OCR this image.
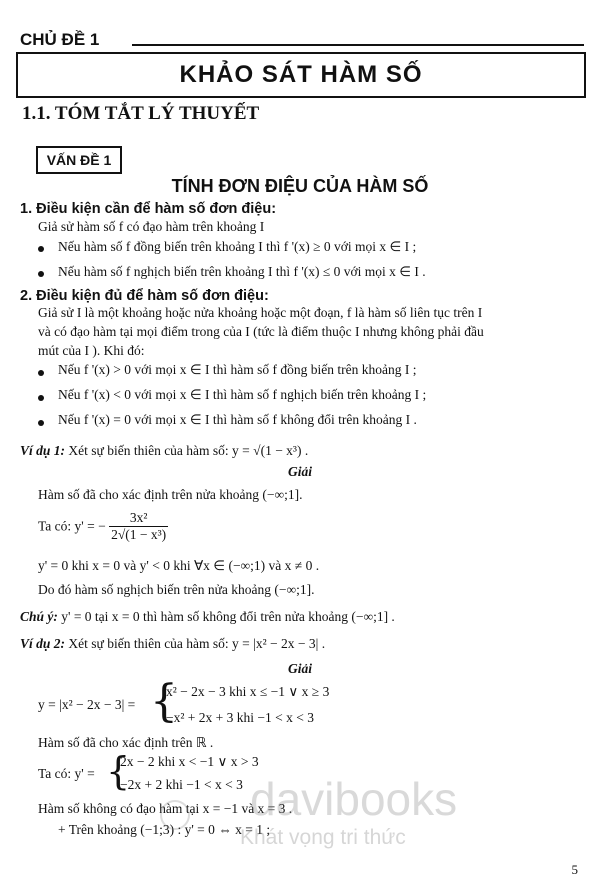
CHỦ ĐỀ 1
KHẢO SÁT HÀM SỐ
1.1. TÓM TẮT LÝ THUYẾT
VẤN ĐỀ 1
TÍNH ĐƠN ĐIỆU CỦA HÀM SỐ
1. Điều kiện cần để hàm số đơn điệu:
Giả sử hàm số f có đạo hàm trên khoảng I
Nếu hàm số f đồng biến trên khoảng I thì f '(x) ≥ 0 với mọi x ∈ I ;
Nếu hàm số f nghịch biến trên khoảng I thì f '(x) ≤ 0 với mọi x ∈ I .
2. Điều kiện đủ để hàm số đơn điệu:
Giả sử I là một khoảng hoặc nửa khoảng hoặc một đoạn, f là hàm số liên tục trên I
và có đạo hàm tại mọi điểm trong của I (tức là điểm thuộc I nhưng không phải đầu
mút của I ). Khi đó:
Nếu f '(x) > 0 với mọi x ∈ I thì hàm số f đồng biến trên khoảng I ;
Nếu f '(x) < 0 với mọi x ∈ I thì hàm số f nghịch biến trên khoảng I ;
Nếu f '(x) = 0 với mọi x ∈ I thì hàm số f không đổi trên khoảng I .
Ví dụ 1: Xét sự biến thiên của hàm số: y = √(1 − x³) .
Giải
Hàm số đã cho xác định trên nửa khoảng (−∞;1].
Ta có: y' = − $\frac{\text{3x²}}{\text{2√(1 − x³)}}$
y' = 0 khi x = 0 và y' < 0 khi ∀x ∈ (−∞;1) và x ≠ 0 .
Do đó hàm số nghịch biến trên nửa khoảng (−∞;1].
Chú ý: y' = 0 tại x = 0 thì hàm số không đổi trên nửa khoảng (−∞;1] .
Ví dụ 2: Xét sự biến thiên của hàm số: y = |x² − 2x − 3| .
Giải
y = |x² − 2x − 3| = {
x² − 2x − 3 khi x ≤ −1 ∨ x ≥ 3
−x² + 2x + 3 khi −1 < x < 3
Hàm số đã cho xác định trên ℝ .
Ta có: y' = {
2x − 2 khi x < −1 ∨ x > 3
−2x + 2 khi −1 < x < 3
Hàm số không có đạo hàm tại x = −1 và x = 3 .
+ Trên khoảng (−1;3) : y' = 0 ⇔ x = 1 ;
davibooks
Khát vọng tri thức
5
